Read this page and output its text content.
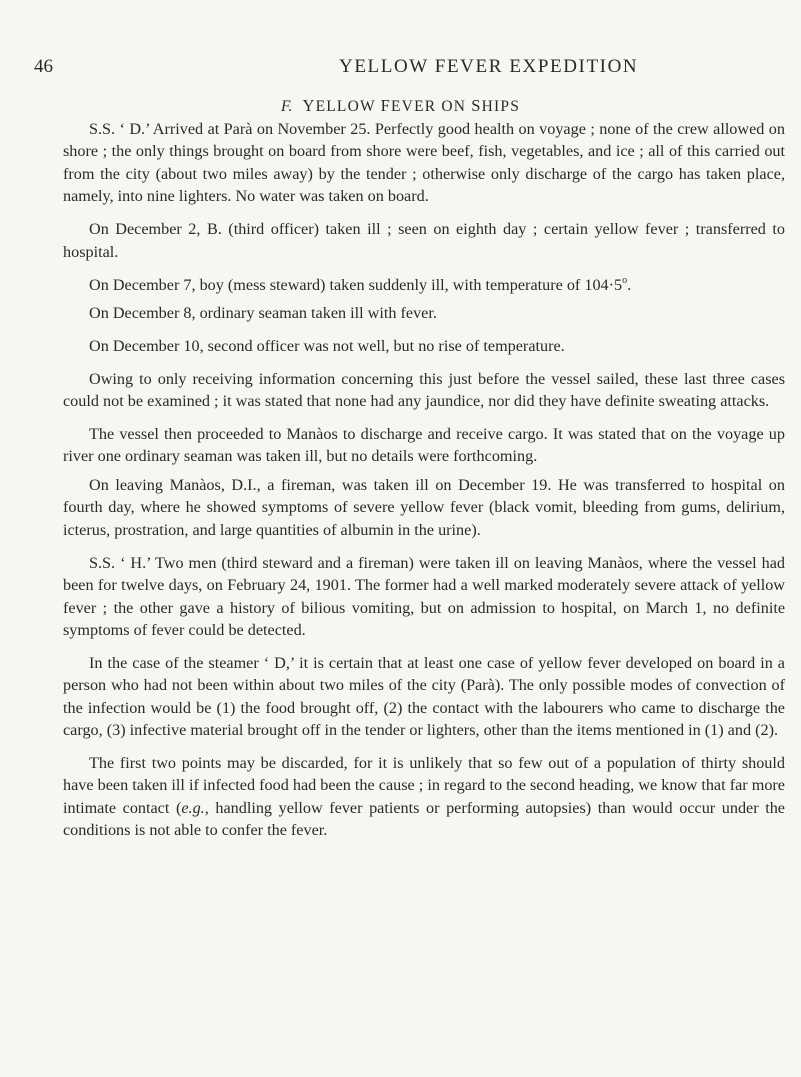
46	YELLOW FEVER EXPEDITION
F. YELLOW FEVER ON SHIPS

S.S. ‘ D.’ Arrived at Parà on November 25. Perfectly good health on voyage ; none of the crew allowed on shore ; the only things brought on board from shore were beef, fish, vegetables, and ice ; all of this carried out from the city (about two miles away) by the tender ; otherwise only discharge of the cargo has taken place, namely, into nine lighters. No water was taken on board.

On December 2, B. (third officer) taken ill ; seen on eighth day ; certain yellow fever ; transferred to hospital.

On December 7, boy (mess steward) taken suddenly ill, with temperature of $104\cdot 5^o$.

On December 8, ordinary seaman taken ill with fever.

On December 10, second officer was not well, but no rise of temperature.

Owing to only receiving information concerning this just before the vessel sailed, these last three cases could not be examined ; it was stated that none had any jaundice, nor did they have definite sweating attacks.

The vessel then proceeded to Manàos to discharge and receive cargo. It was stated that on the voyage up river one ordinary seaman was taken ill, but no details were forthcoming.

On leaving Manàos, D.I., a fireman, was taken ill on December 19. He was transferred to hospital on fourth day, where he showed symptoms of severe yellow fever (black vomit, bleeding from gums, delirium, icterus, prostration, and large quantities of albumin in the urine).

S.S. ‘ H.’ Two men (third steward and a fireman) were taken ill on leaving Manàos, where the vessel had been for twelve days, on February 24, 1901. The former had a well marked moderately severe attack of yellow fever ; the other gave a history of bilious vomiting, but on admission to hospital, on March 1, no definite symptoms of fever could be detected.

In the case of the steamer ‘ D,’ it is certain that at least one case of yellow fever developed on board in a person who had not been within about two miles of the city (Parà). The only possible modes of convection of the infection would be (1) the food brought off, (2) the contact with the labourers who came to discharge the cargo, (3) infective material brought off in the tender or lighters, other than the items mentioned in (1) and (2).

The first two points may be discarded, for it is unlikely that so few out of a population of thirty should have been taken ill if infected food had been the cause ; in regard to the second heading, we know that far more intimate contact (e.g., handling yellow fever patients or performing autopsies) than would occur under the conditions is not able to confer the fever.
